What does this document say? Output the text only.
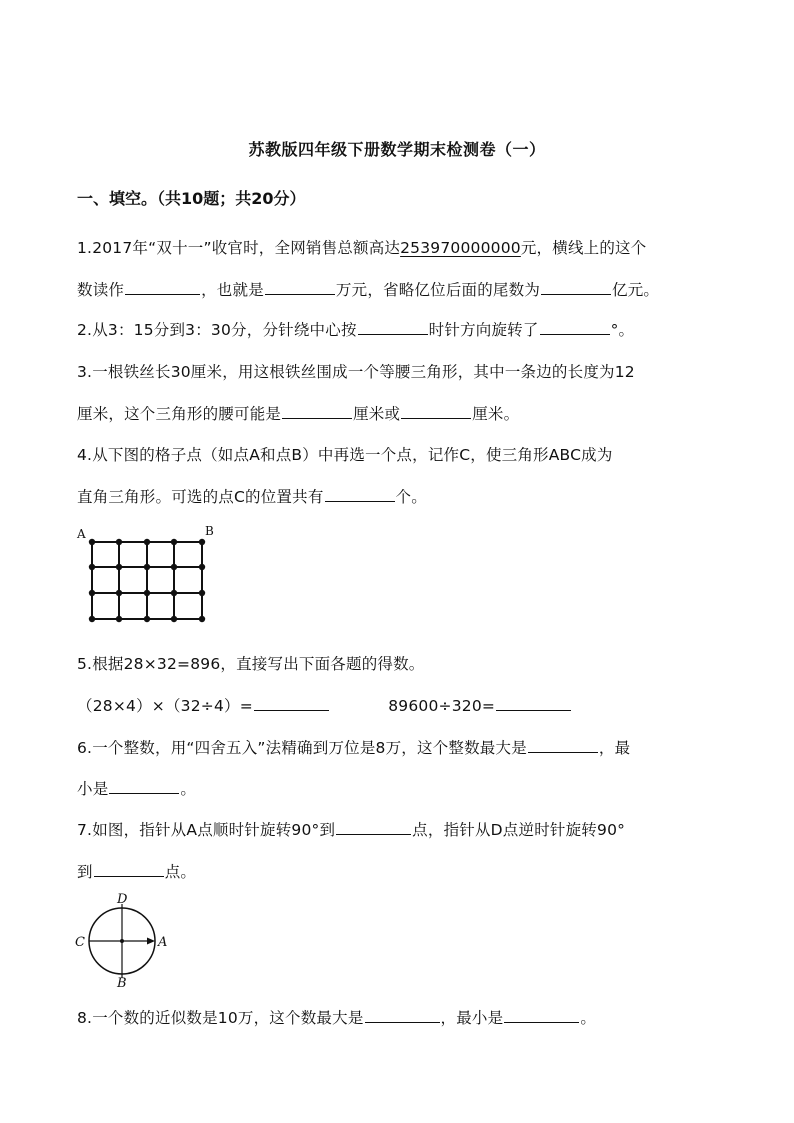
苏教版四年级下册数学期末检测卷（一）
一、填空。（共10题；共20分）
1.2017年“双十一”收官时，全网销售总额高达253970000000元，横线上的这个
数读作	，也就是	万元，省略亿位后面的尾数为	亿元。
2.从3：15分到3：30分，分针绕中心按	时针方向旋转了	°。
3.一根铁丝长30厘米，用这根铁丝围成一个等腰三角形，其中一条边的长度为12
厘米，这个三角形的腰可能是	厘米或	厘米。
4.从下图的格子点（如点A和点B）中再选一个点，记作C，使三角形ABC成为
直角三角形。可选的点C的位置共有	个。
A	B
5.根据28×32=896，直接写出下面各题的得数。
（28×4）×（32÷4）=	89600÷320=
6.一个整数，用“四舍五入”法精确到万位是8万，这个整数最大是	，最
小是	。
7.如图，指针从A点顺时针旋转90°到	点，指针从D点逆时针旋转90°
到	点。
D
C	A
B
8.一个数的近似数是10万，这个数最大是	，最小是	。
